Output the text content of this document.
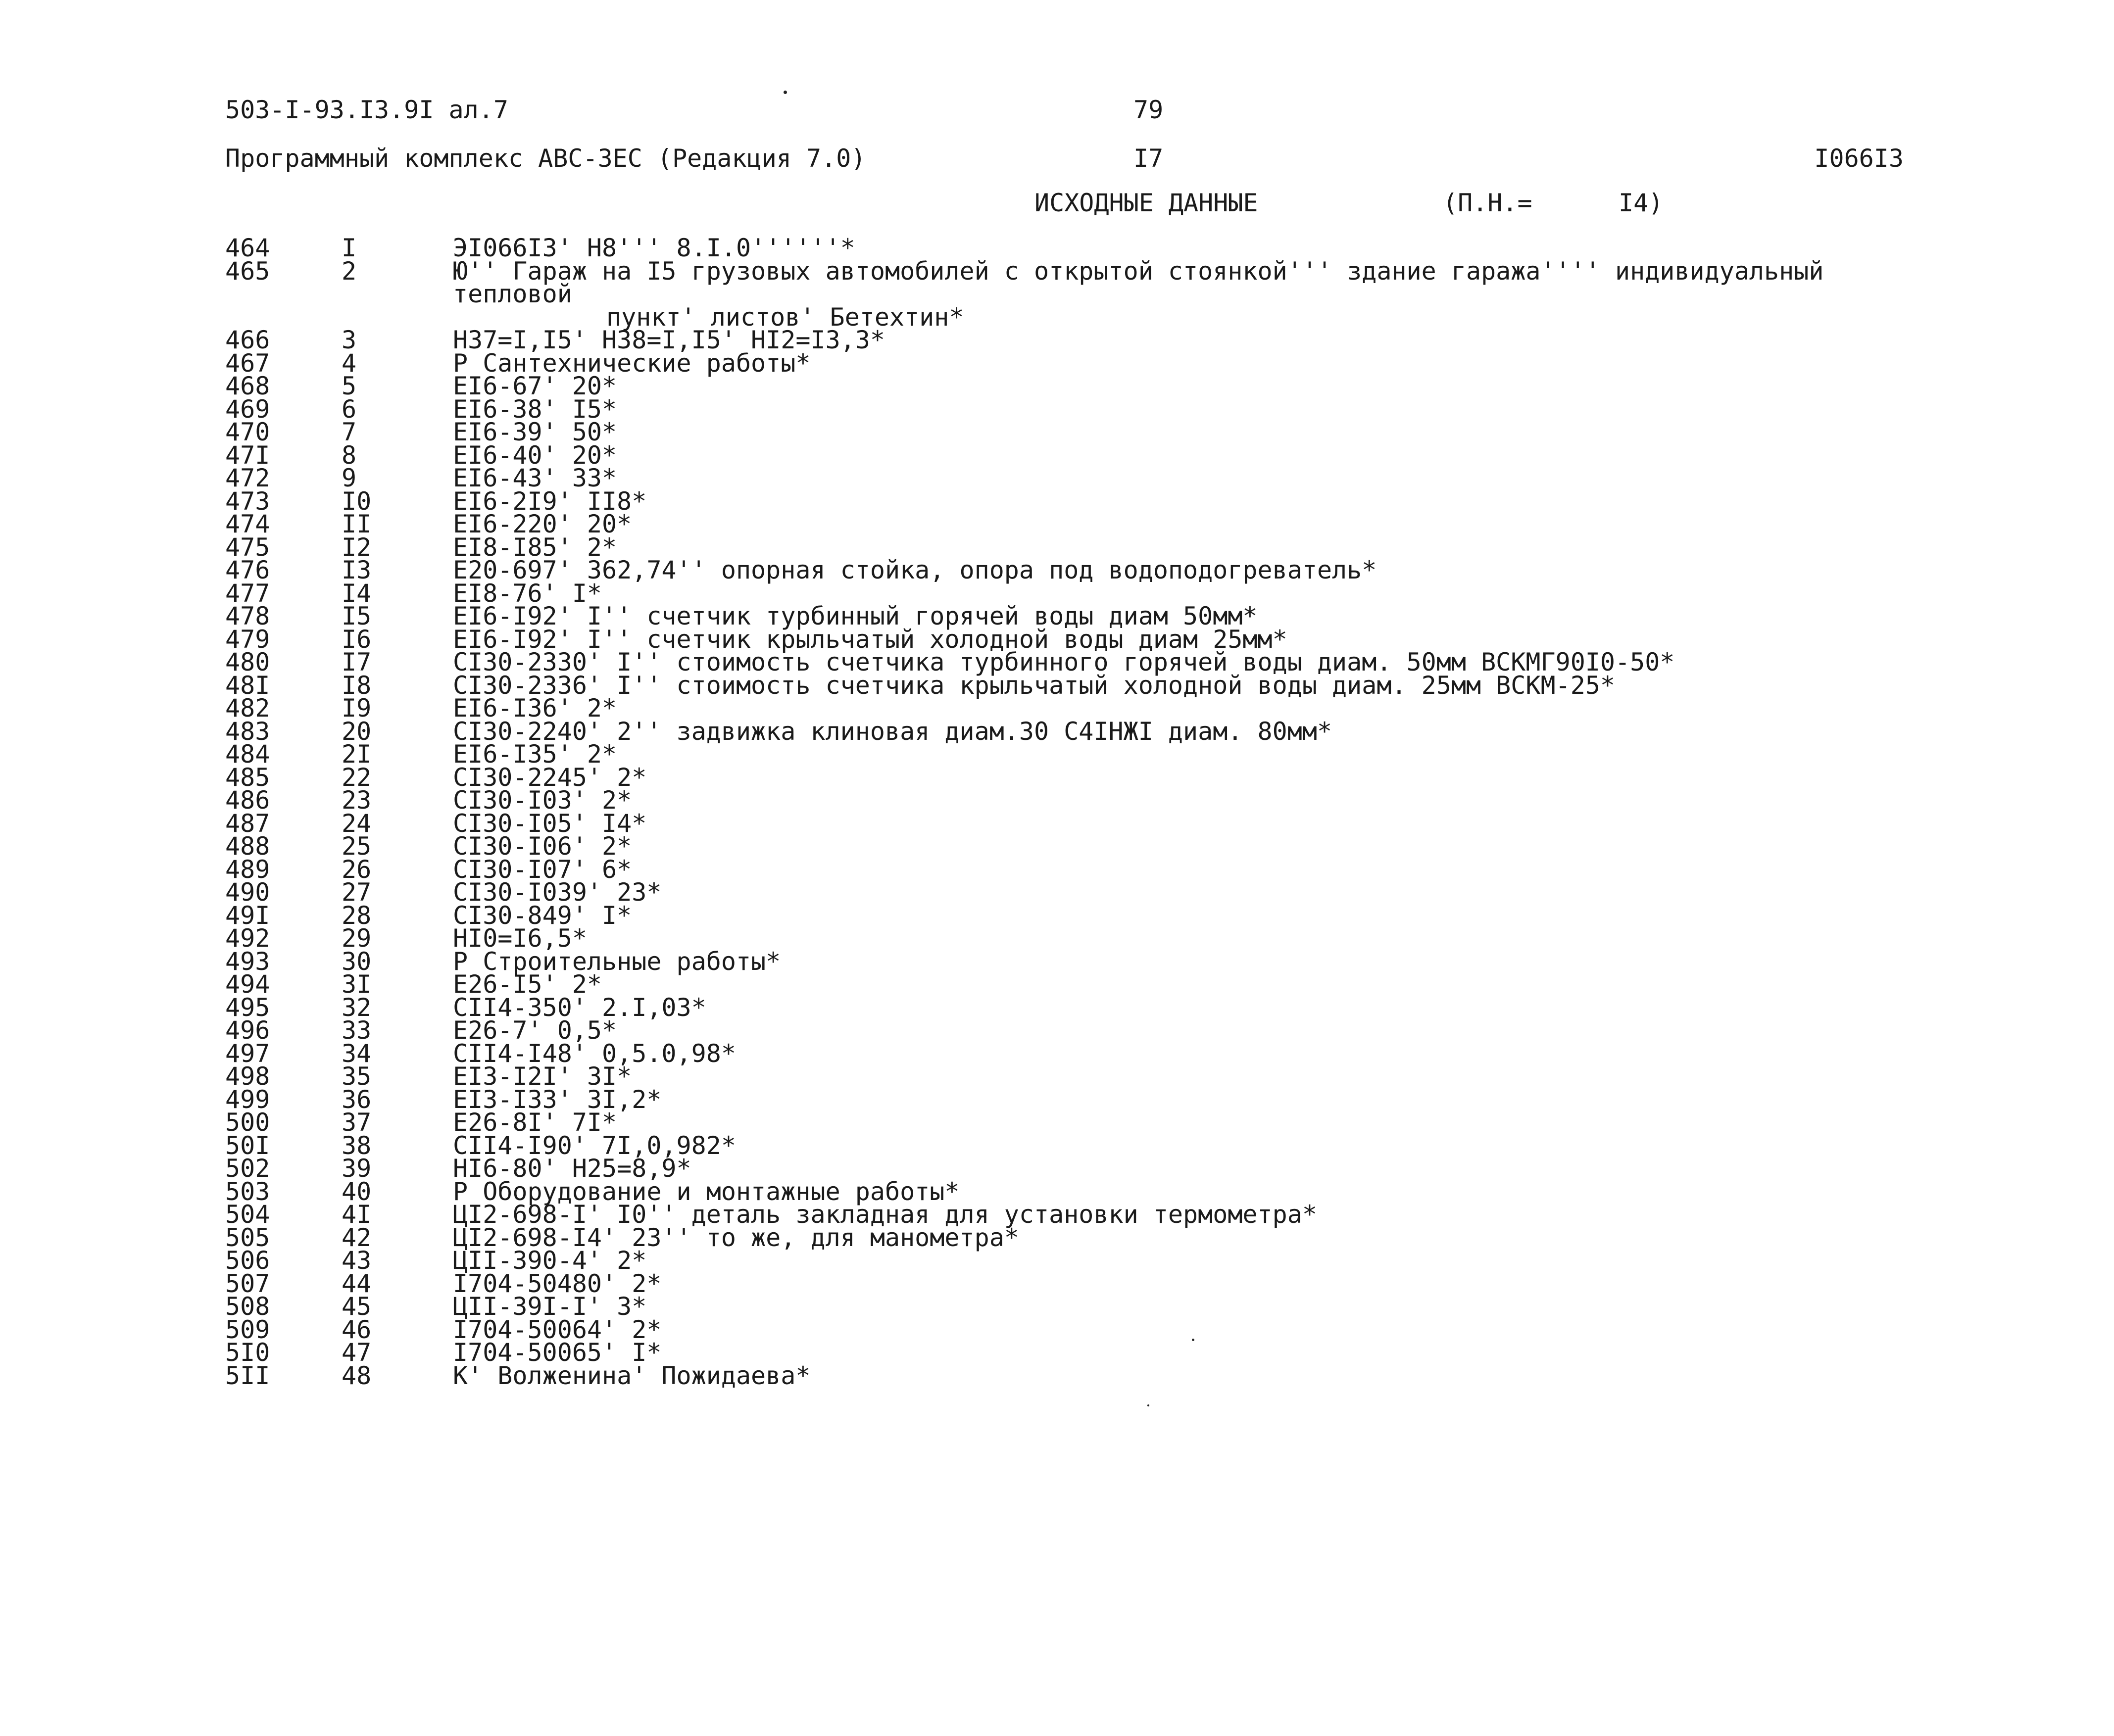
503-I-93.I3.9I ал.7	79
Программный комплекс АВС-3ЕС (Редакция 7.0)	I7	I066I3
ИСХОДНЫЕ ДАННЫЕ	(П.Н.=	I4)
464	I	ЭI066I3' Н8''' 8.I.0''''''*
465	2	Ю'' Гараж на I5 грузовых автомобилей с открытой стоянкой''' здание гаража'''' индивидуальный тепловой
пункт' листов' Бетехтин*
466	3	Н37=I,I5' Н38=I,I5' НI2=I3,3*
467	4	Р Сантехнические работы*
468	5	ЕI6-67' 20*
469	6	ЕI6-38' I5*
470	7	ЕI6-39' 50*
47I	8	ЕI6-40' 20*
472	9	ЕI6-43' 33*
473	I0	ЕI6-2I9' II8*
474	II	ЕI6-220' 20*
475	I2	ЕI8-I85' 2*
476	I3	Е20-697' 362,74'' опорная стойка, опора под водоподогреватель*
477	I4	ЕI8-76' I*
478	I5	ЕI6-I92' I'' счетчик турбинный горячей воды диам 50мм*
479	I6	ЕI6-I92' I'' счетчик крыльчатый холодной воды диам 25мм*
480	I7	СI30-2330' I'' стоимость счетчика турбинного горячей воды диам. 50мм ВСКМГ90I0-50*
48I	I8	СI30-2336' I'' стоимость счетчика крыльчатый холодной воды диам. 25мм ВСКМ-25*
482	I9	ЕI6-I36' 2*
483	20	СI30-2240' 2'' задвижка клиновая диам.30 С4IНЖI диам. 80мм*
484	2I	ЕI6-I35' 2*
485	22	СI30-2245' 2*
486	23	СI30-I03' 2*
487	24	СI30-I05' I4*
488	25	СI30-I06' 2*
489	26	СI30-I07' 6*
490	27	СI30-I039' 23*
49I	28	СI30-849' I*
492	29	НI0=I6,5*
493	30	Р Строительные работы*
494	3I	Е26-I5' 2*
495	32	СII4-350' 2.I,03*
496	33	Е26-7' 0,5*
497	34	СII4-I48' 0,5.0,98*
498	35	ЕI3-I2I' 3I*
499	36	ЕI3-I33' 3I,2*
500	37	Е26-8I' 7I*
50I	38	СII4-I90' 7I,0,982*
502	39	НI6-80' Н25=8,9*
503	40	Р Оборудование и монтажные работы*
504	4I	ЦI2-698-I' I0'' деталь закладная для установки термометра*
505	42	ЦI2-698-I4' 23'' то же, для манометра*
506	43	ЦII-390-4' 2*
507	44	I704-50480' 2*
508	45	ЦII-39I-I' 3*
509	46	I704-50064' 2*
5I0	47	I704-50065' I*
5II	48	К' Волженина' Пожидаева*
